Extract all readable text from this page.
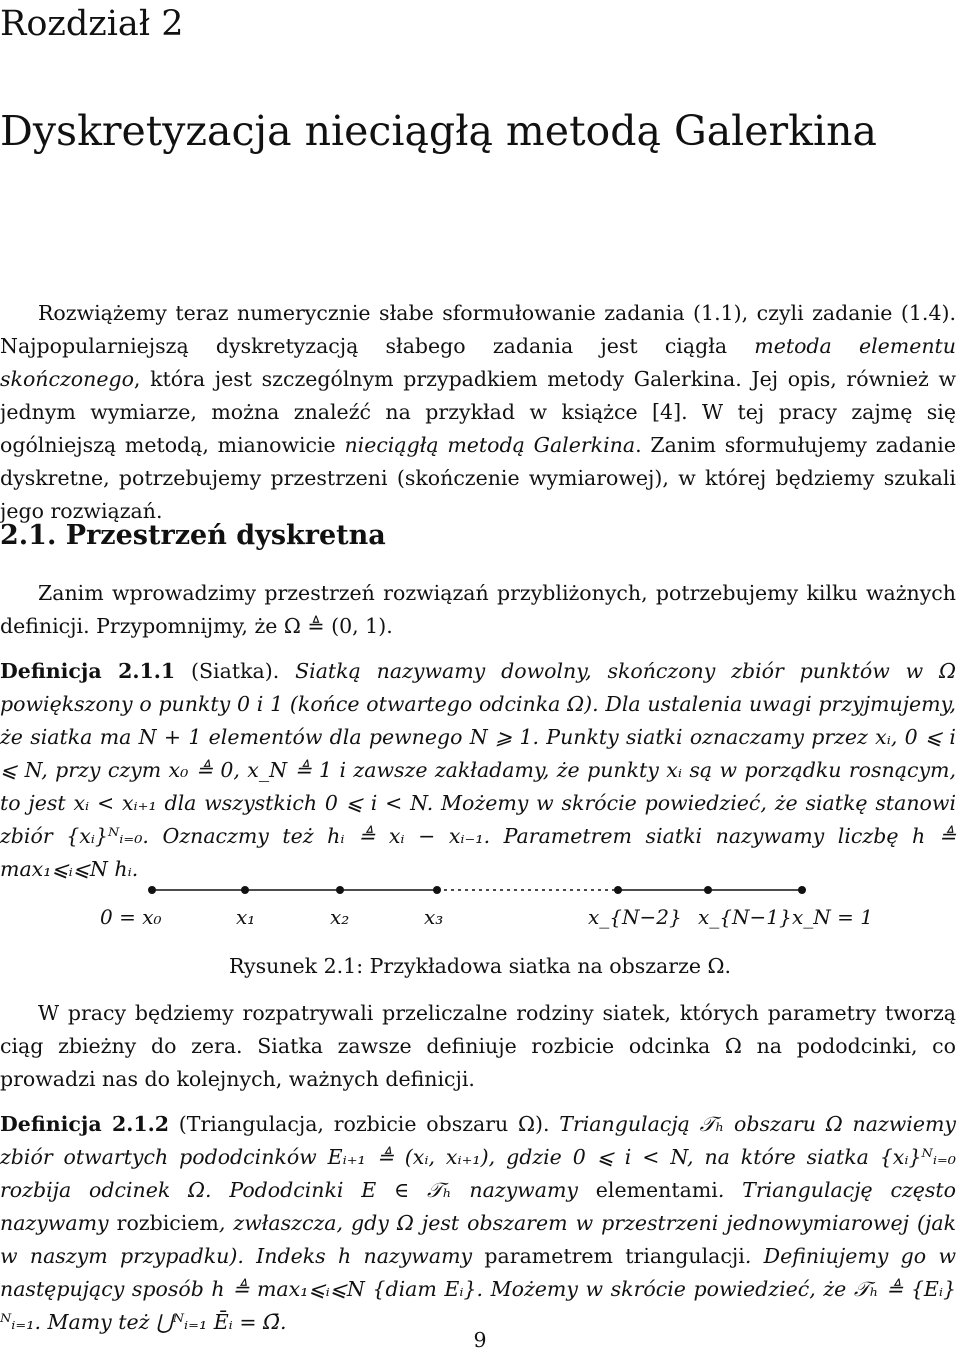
Rozdział 2
Dyskretyzacja nieciągłą metodą Galerkina

Rozwiążemy teraz numerycznie słabe sformułowanie zadania (1.1), czyli zadanie (1.4). Najpopularniejszą dyskretyzacją słabego zadania jest ciągła metoda elementu skończonego, która jest szczególnym przypadkiem metody Galerkina. Jej opis, również w jednym wymiarze, można znaleźć na przykład w książce [4]. W tej pracy zajmę się ogólniejszą metodą, mianowicie nieciągłą metodą Galerkina. Zanim sformułujemy zadanie dyskretne, potrzebujemy przestrzeni (skończenie wymiarowej), w której będziemy szukali jego rozwiązań.

2.1. Przestrzeń dyskretna

Zanim wprowadzimy przestrzeń rozwiązań przybliżonych, potrzebujemy kilku ważnych definicji. Przypomnijmy, że Ω ≜ (0, 1).

Definicja 2.1.1 (Siatka). Siatką nazywamy dowolny, skończony zbiór punktów w Ω powiększony o punkty 0 i 1 (końce otwartego odcinka Ω). Dla ustalenia uwagi przyjmujemy, że siatka ma N + 1 elementów dla pewnego N ⩾ 1. Punkty siatki oznaczamy przez xᵢ, 0 ⩽ i ⩽ N, przy czym x₀ ≜ 0, x_N ≜ 1 i zawsze zakładamy, że punkty xᵢ są w porządku rosnącym, to jest xᵢ < xᵢ₊₁ dla wszystkich 0 ⩽ i < N. Możemy w skrócie powiedzieć, że siatkę stanowi zbiór {xᵢ}ᴺᵢ₌₀. Oznaczmy też hᵢ ≜ xᵢ − xᵢ₋₁. Parametrem siatki nazywamy liczbę h ≜ max₁⩽ᵢ⩽N hᵢ.

0 = x₀	x₁	x₂	x₃	x_{N−2} x_{N−1} x_N = 1
Rysunek 2.1: Przykładowa siatka na obszarze Ω.

W pracy będziemy rozpatrywali przeliczalne rodziny siatek, których parametry tworzą ciąg zbieżny do zera. Siatka zawsze definiuje rozbicie odcinka Ω na pododcinki, co prowadzi nas do kolejnych, ważnych definicji.

Definicja 2.1.2 (Triangulacja, rozbicie obszaru Ω). Triangulacją 𝒯ₕ obszaru Ω nazwiemy zbiór otwartych pododcinków Eᵢ₊₁ ≜ (xᵢ, xᵢ₊₁), gdzie 0 ⩽ i < N, na które siatka {xᵢ}ᴺᵢ₌₀ rozbija odcinek Ω. Pododcinki E ∈ 𝒯ₕ nazywamy elementami. Triangulację często nazywamy rozbiciem, zwłaszcza, gdy Ω jest obszarem w przestrzeni jednowymiarowej (jak w naszym przypadku). Indeks h nazywamy parametrem triangulacji. Definiujemy go w następujący sposób h ≜ max₁⩽ᵢ⩽N {diam Eᵢ}. Możemy w skrócie powiedzieć, że 𝒯ₕ ≜ {Eᵢ}ᴺᵢ₌₁. Mamy też ⋃ᴺᵢ₌₁ Ēᵢ = Ω̄.

9
